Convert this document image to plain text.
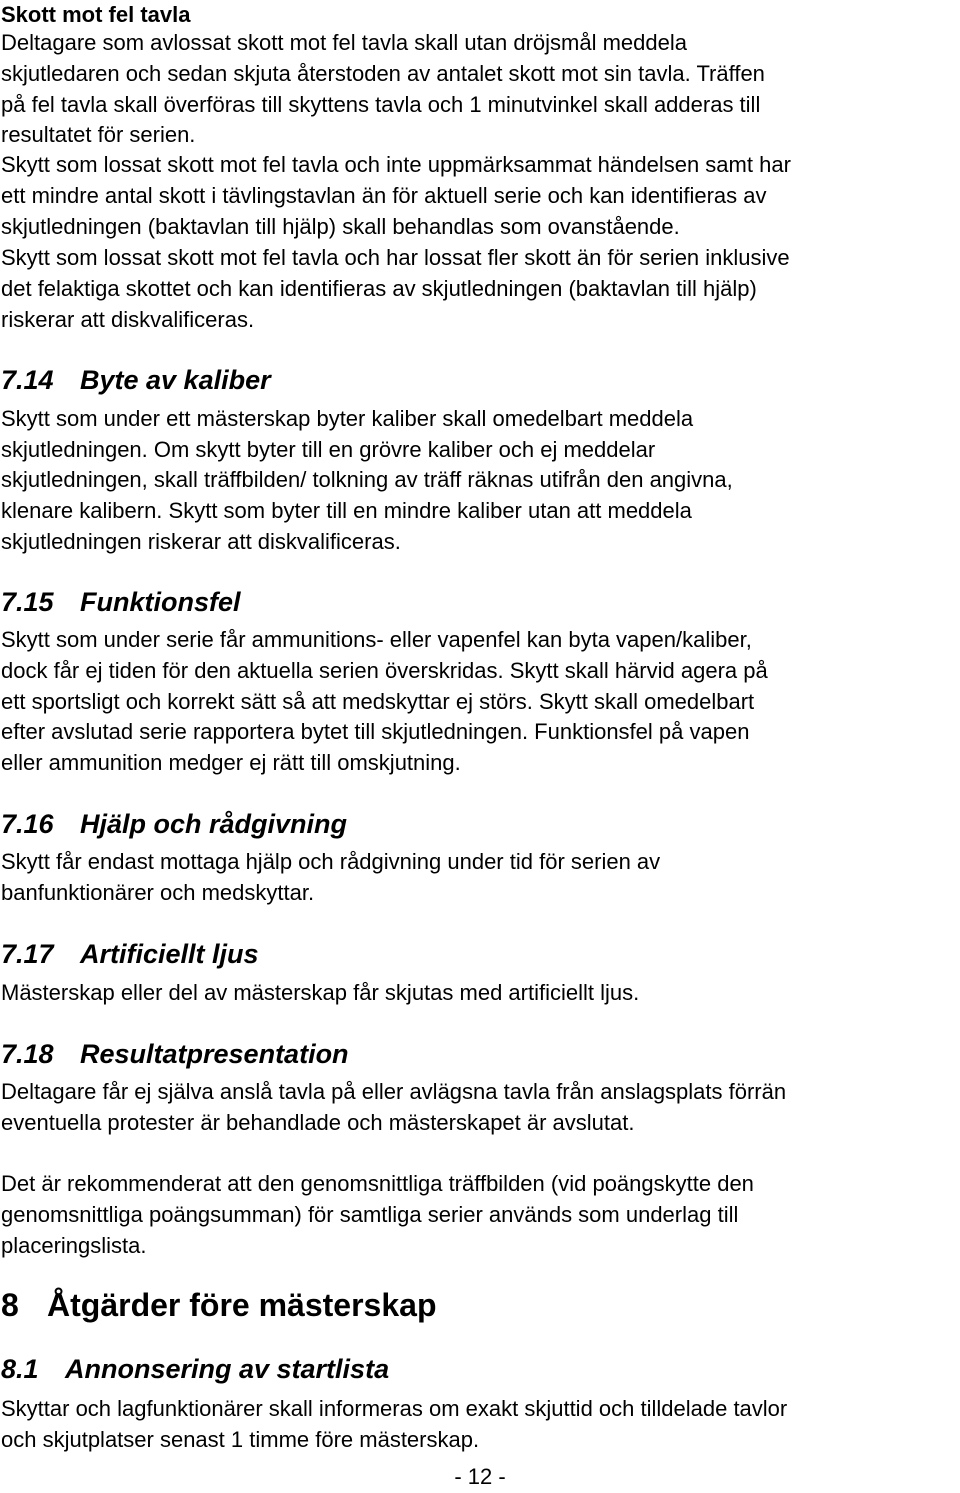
Skott mot fel tavla
Deltagare som avlossat skott mot fel tavla skall utan dröjsmål meddela
skjutledaren och sedan skjuta återstoden av antalet skott mot sin tavla. Träffen
på fel tavla skall överföras till skyttens tavla och 1 minutvinkel skall adderas till
resultatet för serien.
Skytt som lossat skott mot fel tavla och inte uppmärksammat händelsen samt har
ett mindre antal skott i tävlingstavlan än för aktuell serie och kan identifieras av
skjutledningen (baktavlan till hjälp) skall behandlas som ovanstående.
Skytt som lossat skott mot fel tavla och har lossat fler skott än för serien inklusive
det felaktiga skottet och kan identifieras av skjutledningen (baktavlan till hjälp)
riskerar att diskvalificeras.
7.14 Byte av kaliber
Skytt som under ett mästerskap byter kaliber skall omedelbart meddela
skjutledningen. Om skytt byter till en grövre kaliber och ej meddelar
skjutledningen, skall träffbilden/ tolkning av träff räknas utifrån den angivna,
klenare kalibern. Skytt som byter till en mindre kaliber utan att meddela
skjutledningen riskerar att diskvalificeras.
7.15 Funktionsfel
Skytt som under serie får ammunitions- eller vapenfel kan byta vapen/kaliber,
dock får ej tiden för den aktuella serien överskridas. Skytt skall härvid agera på
ett sportsligt och korrekt sätt så att medskyttar ej störs. Skytt skall omedelbart
efter avslutad serie rapportera bytet till skjutledningen. Funktionsfel på vapen
eller ammunition medger ej rätt till omskjutning.
7.16 Hjälp och rådgivning
Skytt får endast mottaga hjälp och rådgivning under tid för serien av
banfunktionärer och medskyttar.
7.17 Artificiellt ljus
Mästerskap eller del av mästerskap får skjutas med artificiellt ljus.
7.18 Resultatpresentation
Deltagare får ej själva anslå tavla på eller avlägsna tavla från anslagsplats förrän
eventuella protester är behandlade och mästerskapet är avslutat.
Det är rekommenderat att den genomsnittliga träffbilden (vid poängskytte den
genomsnittliga poängsumman) för samtliga serier används som underlag till
placeringslista.
8 Åtgärder före mästerskap
8.1 Annonsering av startlista
Skyttar och lagfunktionärer skall informeras om exakt skjuttid och tilldelade tavlor
och skjutplatser senast 1 timme före mästerskap.
- 12 -
